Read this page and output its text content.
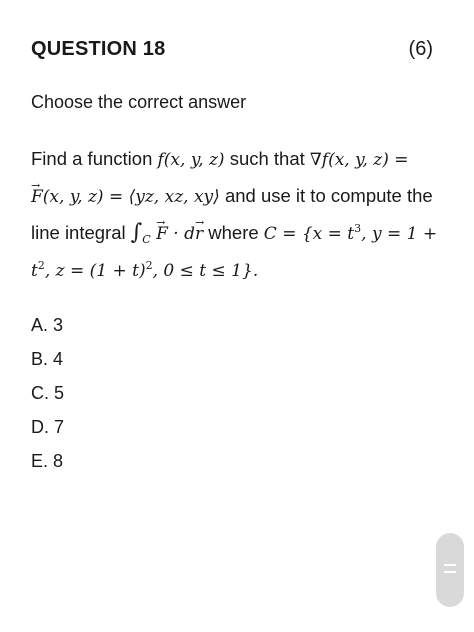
QUESTION 18	(6)
Choose the correct answer
Find a function f(x, y, z) such that ∇f(x, y, z) =
→ F(x, y, z) = ⟨yz, xz, xy⟩ and use it to compute the
line integral $\int_C \to F \cdot d\to r$ where $C = \{x = t^3$, y = 1 +
$t^2$, $z = (1 + t)^2$, 0 ≤ t ≤ 1}.
A. 3
B. 4
C. 5
D. 7
E. 8
